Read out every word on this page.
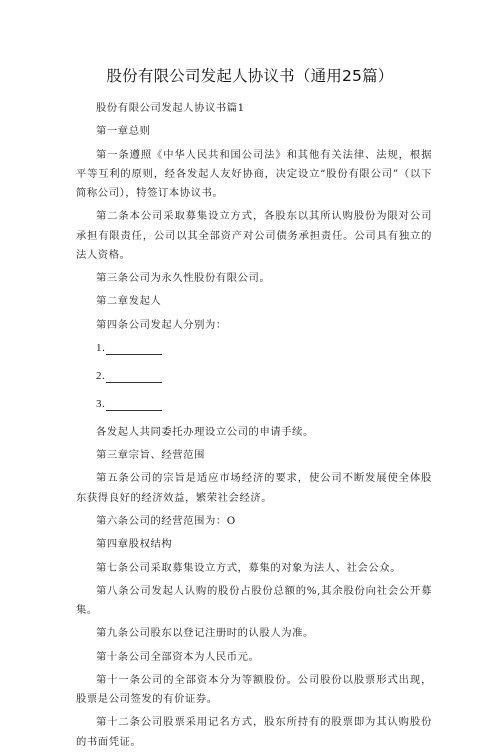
股份有限公司发起人协议书（通用25篇）

股份有限公司发起人协议书篇1

第一章总则

第一条遵照《中华人民共和国公司法》和其他有关法律、法规，根据平等互利的原则，经各发起人友好协商，决定设立“股份有限公司”（以下简称公司），特签订本协议书。

第二条本公司采取募集设立方式，各股东以其所认购股份为限对公司承担有限责任，公司以其全部资产对公司债务承担责任。公司具有独立的法人资格。

第三条公司为永久性股份有限公司。

第二章发起人

第四条公司发起人分别为：

1.
2.
3.

各发起人共同委托办理设立公司的申请手续。

第三章宗旨、经营范围

第五条公司的宗旨是适应市场经济的要求，使公司不断发展使全体股东获得良好的经济效益，繁荣社会经济。

第六条公司的经营范围为：O

第四章股权结构

第七条公司采取募集设立方式，募集的对象为法人、社会公众。

第八条公司发起人认购的股份占股份总额的%,其余股份向社会公开募集。

第九条公司股东以登记注册时的认股人为准。

第十条公司全部资本为人民币元。

第十一条公司的全部资本分为等额股份。公司股份以股票形式出现，股票是公司签发的有价证券。

第十二条公司股票采用记名方式，股东所持有的股票即为其认购股份的书面凭证。
